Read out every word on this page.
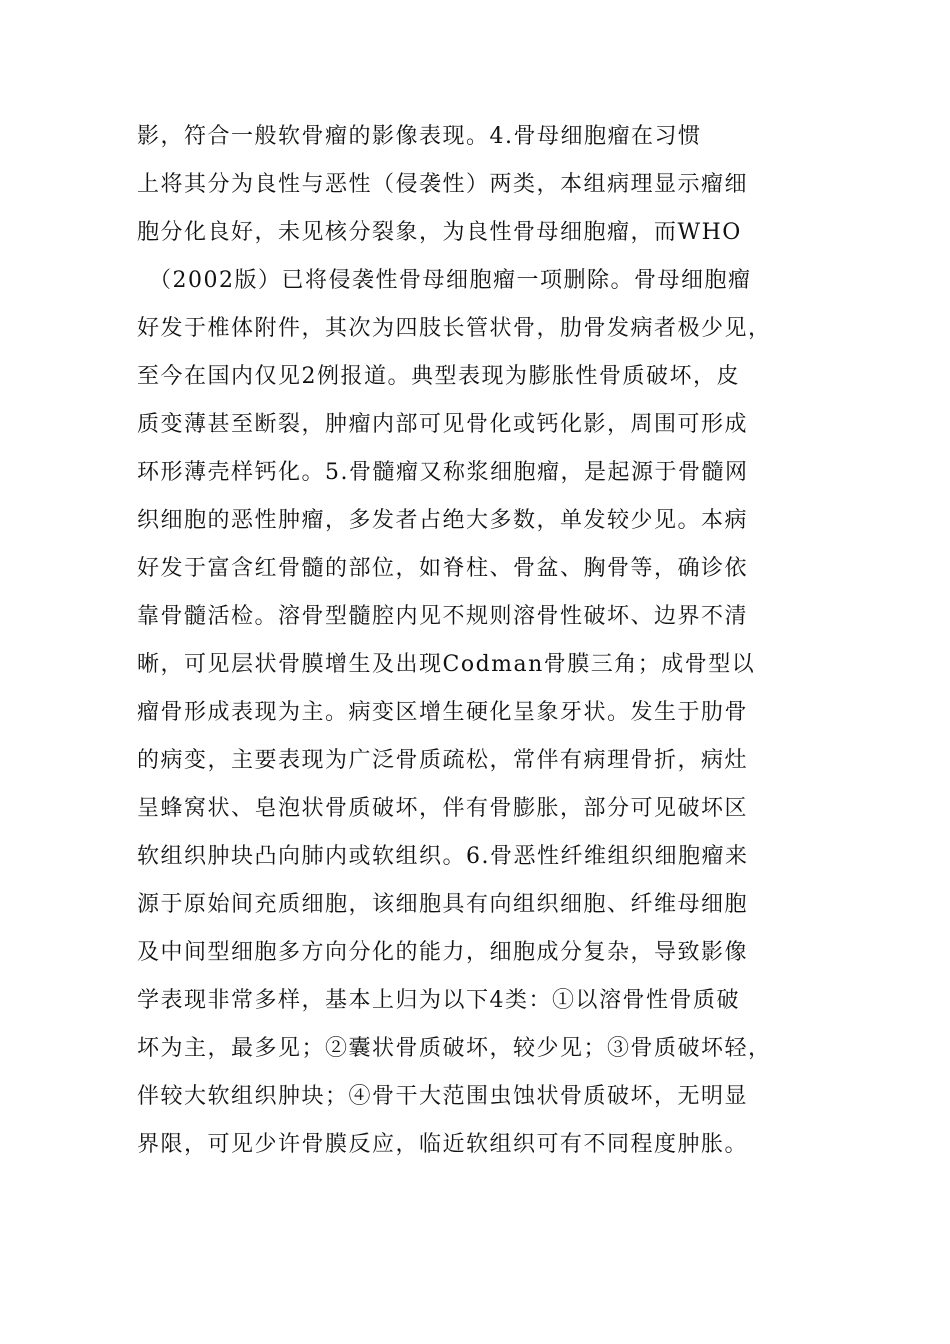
影，符合一般软骨瘤的影像表现。4.骨母细胞瘤在习惯
上将其分为良性与恶性（侵袭性）两类，本组病理显示瘤细
胞分化良好，未见核分裂象，为良性骨母细胞瘤，而WHO
（2002版）已将侵袭性骨母细胞瘤一项删除。骨母细胞瘤
好发于椎体附件，其次为四肢长管状骨，肋骨发病者极少见，
至今在国内仅见2例报道。典型表现为膨胀性骨质破坏，皮
质变薄甚至断裂，肿瘤内部可见骨化或钙化影，周围可形成
环形薄壳样钙化。5.骨髓瘤又称浆细胞瘤，是起源于骨髓网
织细胞的恶性肿瘤，多发者占绝大多数，单发较少见。本病
好发于富含红骨髓的部位，如脊柱、骨盆、胸骨等，确诊依
靠骨髓活检。溶骨型髓腔内见不规则溶骨性破坏、边界不清
晰，可见层状骨膜增生及出现Codman骨膜三角；成骨型以
瘤骨形成表现为主。病变区增生硬化呈象牙状。发生于肋骨
的病变，主要表现为广泛骨质疏松，常伴有病理骨折，病灶
呈蜂窝状、皂泡状骨质破坏，伴有骨膨胀，部分可见破坏区
软组织肿块凸向肺内或软组织。6.骨恶性纤维组织细胞瘤来
源于原始间充质细胞，该细胞具有向组织细胞、纤维母细胞
及中间型细胞多方向分化的能力，细胞成分复杂，导致影像
学表现非常多样，基本上归为以下4类：①以溶骨性骨质破
坏为主，最多见；②囊状骨质破坏，较少见；③骨质破坏轻，
伴较大软组织肿块；④骨干大范围虫蚀状骨质破坏，无明显
界限，可见少许骨膜反应，临近软组织可有不同程度肿胀。
